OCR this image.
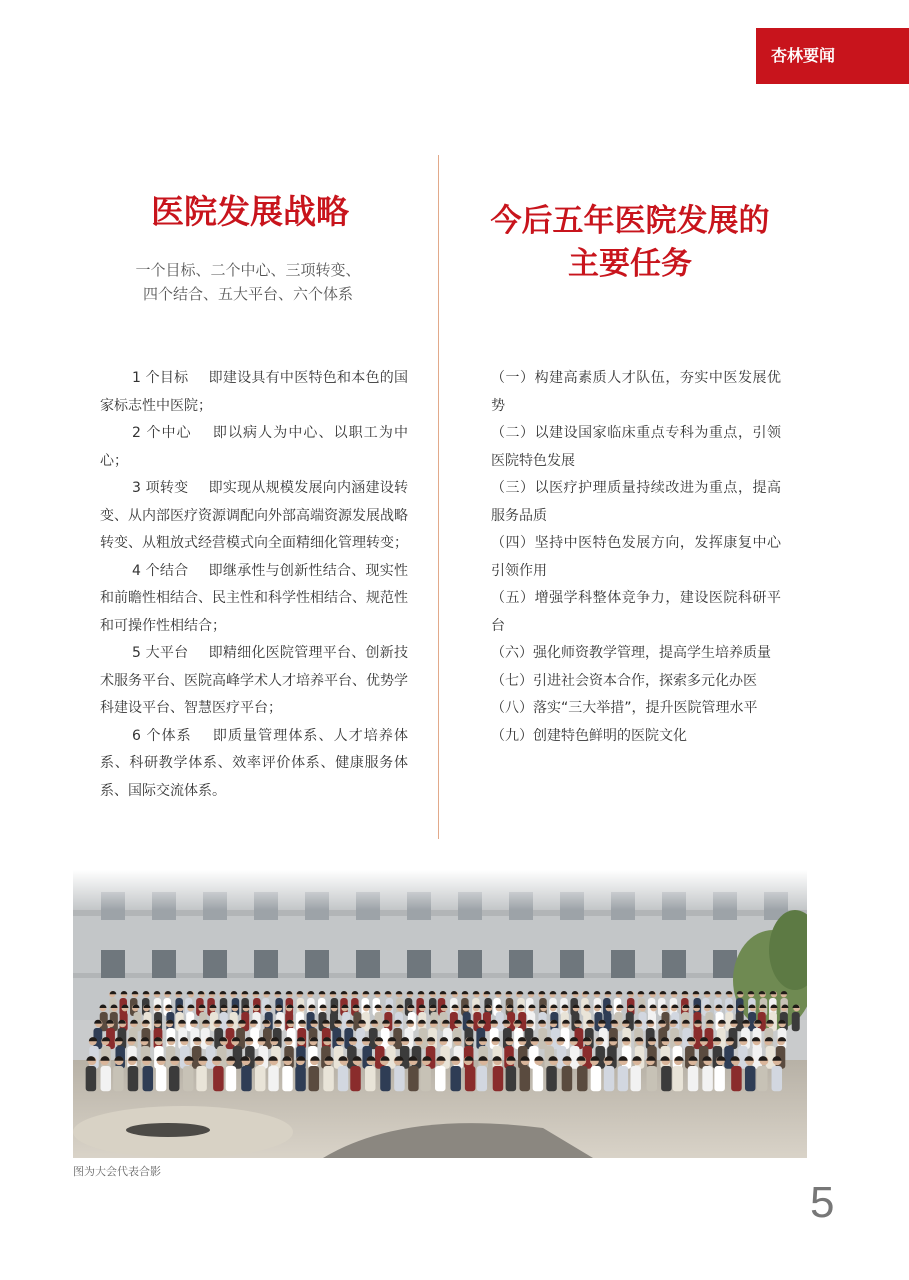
杏林要闻
医院发展战略
一个目标、二个中心、三项转变、
四个结合、五大平台、六个体系
今后五年医院发展的
主要任务
1 个目标 即建设具有中医特色和本色的国家标志性中医院；
2 个中心 即以病人为中心、以职工为中心；
3 项转变 即实现从规模发展向内涵建设转变、从内部医疗资源调配向外部高端资源发展战略转变、从粗放式经营模式向全面精细化管理转变；
4 个结合 即继承性与创新性结合、现实性和前瞻性相结合、民主性和科学性相结合、规范性和可操作性相结合；
5 大平台 即精细化医院管理平台、创新技术服务平台、医院高峰学术人才培养平台、优势学科建设平台、智慧医疗平台；
6 个体系 即质量管理体系、人才培养体系、科研教学体系、效率评价体系、健康服务体系、国际交流体系。
（一）构建高素质人才队伍，夯实中医发展优势
（二）以建设国家临床重点专科为重点，引领医院特色发展
（三）以医疗护理质量持续改进为重点，提高服务品质
（四）坚持中医特色发展方向，发挥康复中心引领作用
（五）增强学科整体竞争力，建设医院科研平台
（六）强化师资教学管理，提高学生培养质量
（七）引进社会资本合作，探索多元化办医
（八）落实“三大举措”，提升医院管理水平
（九）创建特色鲜明的医院文化
图为大会代表合影
5
